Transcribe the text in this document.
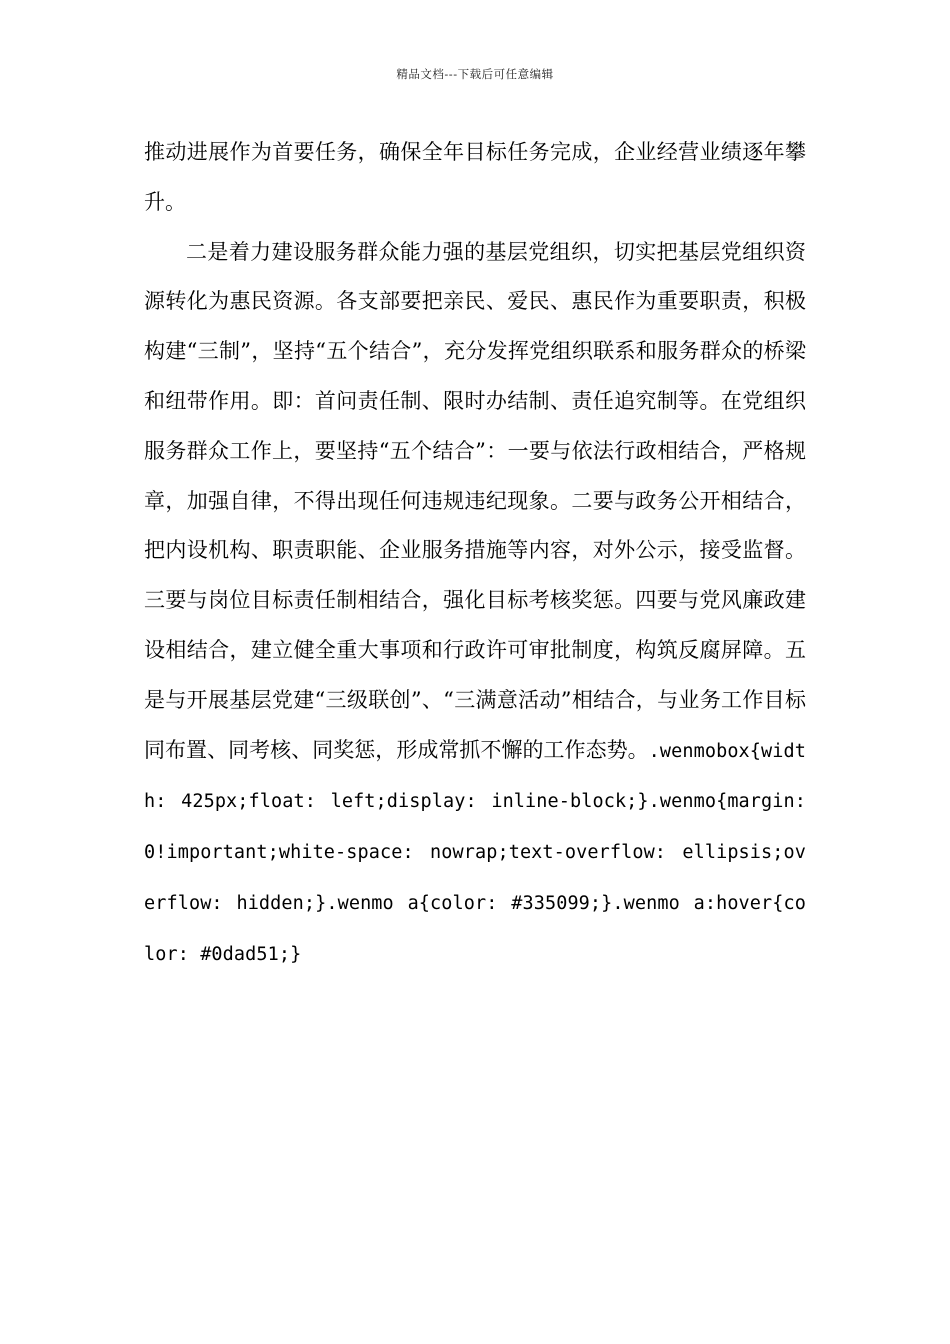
精品文档---下载后可任意编辑

推动进展作为首要任务，确保全年目标任务完成，企业经营业绩逐年攀升。

二是着力建设服务群众能力强的基层党组织，切实把基层党组织资源转化为惠民资源。各支部要把亲民、爱民、惠民作为重要职责，积极构建“三制”，坚持“五个结合”，充分发挥党组织联系和服务群众的桥梁和纽带作用。即：首问责任制、限时办结制、责任追究制等。在党组织服务群众工作上，要坚持“五个结合”：一要与依法行政相结合，严格规章，加强自律，不得出现任何违规违纪现象。二要与政务公开相结合，把内设机构、职责职能、企业服务措施等内容，对外公示，接受监督。三要与岗位目标责任制相结合，强化目标考核奖惩。四要与党风廉政建设相结合，建立健全重大事项和行政许可审批制度，构筑反腐屏障。五是与开展基层党建“三级联创”、“三满意活动”相结合，与业务工作目标同布置、同考核、同奖惩，形成常抓不懈的工作态势。.wenmobox{width: 425px;float: left;display: inline-block;}.wenmo{margin: 0!important;white-space: nowrap;text-overflow: ellipsis;overflow: hidden;}.wenmo a{color: #335099;}.wenmo a:hover{color: #0dad51;}
